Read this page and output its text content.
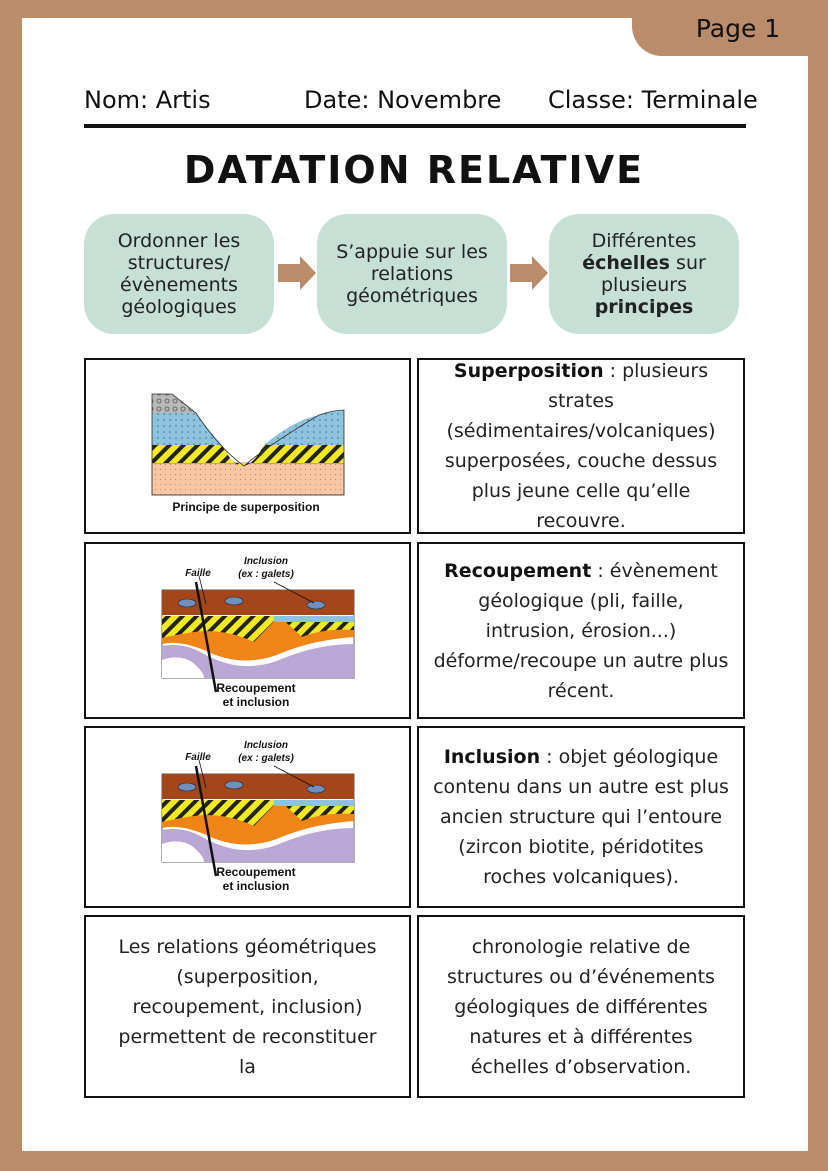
Page 1
Nom: Artis	Date: Novembre Classe: Terminale
DATATION RELATIVE
Ordonner les structures/ évènements géologiques
S’appuie sur les relations géométriques
Différentes échelles sur plusieurs principes
Principe de superposition
Superposition : plusieurs strates (sédimentaires/volcaniques) superposées, couche dessus plus jeune celle qu’elle recouvre.
Faille
Inclusion
(ex : galets)
Recoupement
et inclusion
Recoupement : évènement géologique (pli, faille, intrusion, érosion...) déforme/recoupe un autre plus récent.
Faille
Inclusion
(ex : galets)
Recoupement
et inclusion
Inclusion : objet géologique contenu dans un autre est plus ancien structure qui l’entoure (zircon biotite, péridotites roches volcaniques).
Les relations géométriques (superposition, recoupement, inclusion) permettent de reconstituer la
chronologie relative de structures ou d’événements géologiques de différentes natures et à différentes échelles d’observation.
